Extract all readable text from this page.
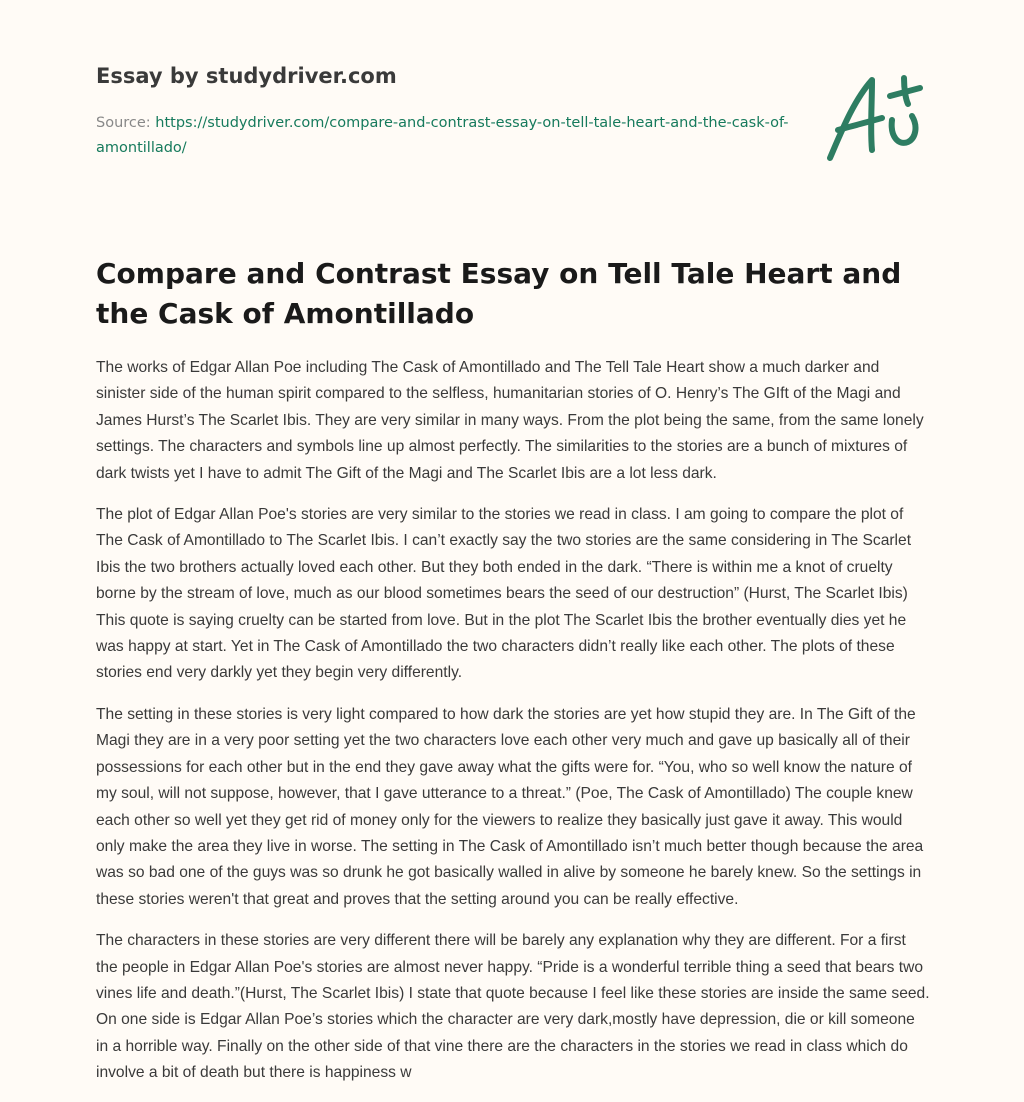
Essay by studydriver.com
Source: https://studydriver.com/compare-and-contrast-essay-on-tell-tale-heart-and-the-cask-of-amontillado/
Compare and Contrast Essay on Tell Tale Heart and the Cask of Amontillado

The works of Edgar Allan Poe including The Cask of Amontillado and The Tell Tale Heart show a much darker and sinister side of the human spirit compared to the selfless, humanitarian stories of O. Henry’s The GIft of the Magi and James Hurst’s The Scarlet Ibis. They are very similar in many ways. From the plot being the same, from the same lonely settings. The characters and symbols line up almost perfectly. The similarities to the stories are a bunch of mixtures of dark twists yet I have to admit The Gift of the Magi and The Scarlet Ibis are a lot less dark.

The plot of Edgar Allan Poe's stories are very similar to the stories we read in class. I am going to compare the plot of The Cask of Amontillado to The Scarlet Ibis. I can’t exactly say the two stories are the same considering in The Scarlet Ibis the two brothers actually loved each other. But they both ended in the dark. “There is within me a knot of cruelty borne by the stream of love, much as our blood sometimes bears the seed of our destruction” (Hurst, The Scarlet Ibis) This quote is saying cruelty can be started from love. But in the plot The Scarlet Ibis the brother eventually dies yet he was happy at start. Yet in The Cask of Amontillado the two characters didn’t really like each other. The plots of these stories end very darkly yet they begin very differently.

The setting in these stories is very light compared to how dark the stories are yet how stupid they are. In The Gift of the Magi they are in a very poor setting yet the two characters love each other very much and gave up basically all of their possessions for each other but in the end they gave away what the gifts were for. “You, who so well know the nature of my soul, will not suppose, however, that I gave utterance to a threat.” (Poe, The Cask of Amontillado) The couple knew each other so well yet they get rid of money only for the viewers to realize they basically just gave it away. This would only make the area they live in worse. The setting in The Cask of Amontillado isn’t much better though because the area was so bad one of the guys was so drunk he got basically walled in alive by someone he barely knew. So the settings in these stories weren't that great and proves that the setting around you can be really effective.

The characters in these stories are very different there will be barely any explanation why they are different. For a first the people in Edgar Allan Poe's stories are almost never happy. “Pride is a wonderful terrible thing a seed that bears two vines life and death.”(Hurst, The Scarlet Ibis) I state that quote because I feel like these stories are inside the same seed. On one side is Edgar Allan Poe’s stories which the character are very dark,mostly have depression, die or kill someone in a horrible way. Finally on the other side of that vine there are the characters in the stories we read in class which do involve a bit of death but there is happiness w
